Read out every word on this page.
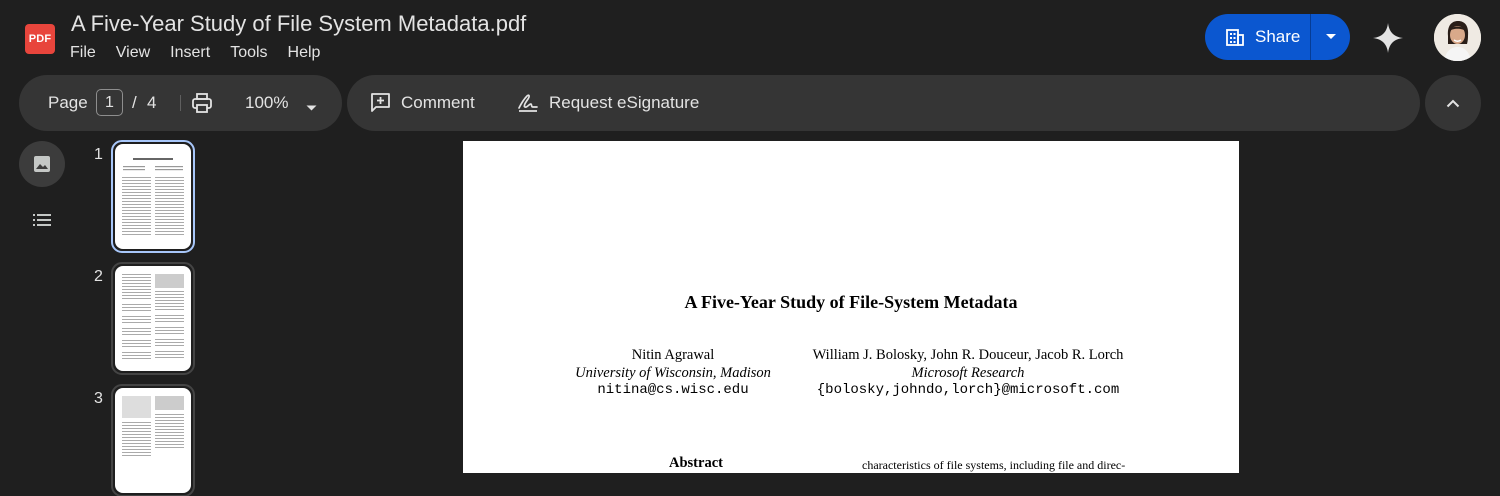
PDF
A Five-Year Study of File System Metadata.pdf
File View Insert Tools Help
Share
Page	1	/ 4	100%	Comment	Request eSignature
1
2
3
A Five-Year Study of File-System Metadata
Nitin Agrawal
University of Wisconsin, Madison
nitina@cs.wisc.edu
William J. Bolosky, John R. Douceur, Jacob R. Lorch
Microsoft Research
{bolosky,johndo,lorch}@microsoft.com
Abstract	characteristics of file systems, including file and direc-
